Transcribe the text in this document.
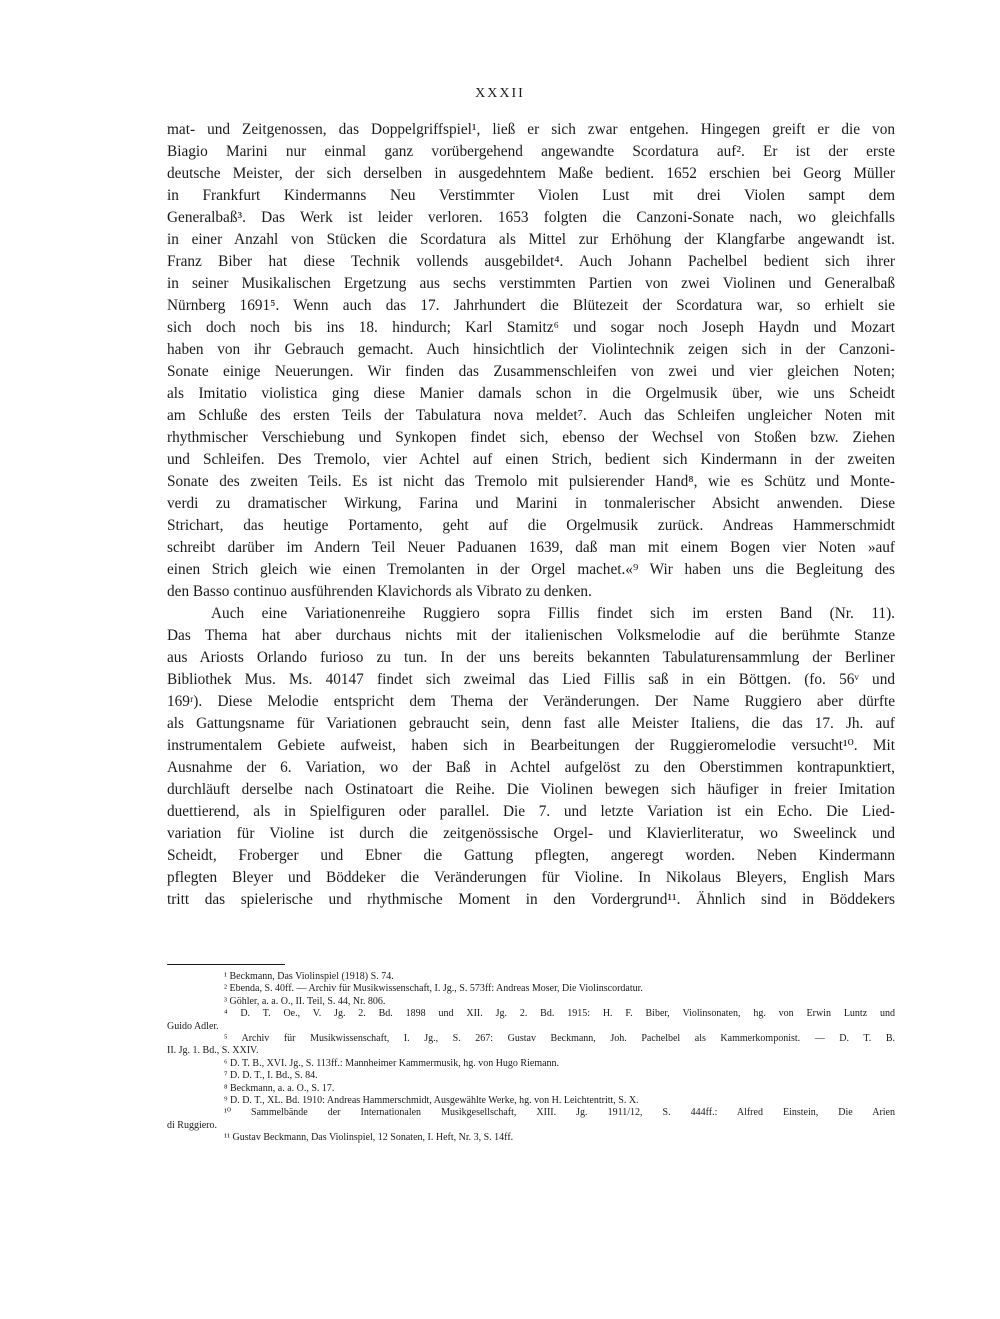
XXXII
mat- und Zeitgenossen, das Doppelgriffspiel¹, ließ er sich zwar entgehen. Hingegen greift er die von
Biagio Marini nur einmal ganz vorübergehend angewandte Scordatura auf². Er ist der erste
deutsche Meister, der sich derselben in ausgedehntem Maße bedient. 1652 erschien bei Georg Müller
in Frankfurt Kindermanns Neu Verstimmter Violen Lust mit drei Violen sampt dem
Generalbaß³. Das Werk ist leider verloren. 1653 folgten die Canzoni-Sonate nach, wo gleichfalls
in einer Anzahl von Stücken die Scordatura als Mittel zur Erhöhung der Klangfarbe angewandt ist.
Franz Biber hat diese Technik vollends ausgebildet⁴. Auch Johann Pachelbel bedient sich ihrer
in seiner Musikalischen Ergetzung aus sechs verstimmten Partien von zwei Violinen und Generalbaß
Nürnberg 1691⁵. Wenn auch das 17. Jahrhundert die Blütezeit der Scordatura war, so erhielt sie
sich doch noch bis ins 18. hindurch; Karl Stamitz⁶ und sogar noch Joseph Haydn und Mozart
haben von ihr Gebrauch gemacht. Auch hinsichtlich der Violintechnik zeigen sich in der Canzoni-
Sonate einige Neuerungen. Wir finden das Zusammenschleifen von zwei und vier gleichen Noten;
als Imitatio violistica ging diese Manier damals schon in die Orgelmusik über, wie uns Scheidt
am Schluße des ersten Teils der Tabulatura nova meldet⁷. Auch das Schleifen ungleicher Noten mit
rhythmischer Verschiebung und Synkopen findet sich, ebenso der Wechsel von Stoßen bzw. Ziehen
und Schleifen. Des Tremolo, vier Achtel auf einen Strich, bedient sich Kindermann in der zweiten
Sonate des zweiten Teils. Es ist nicht das Tremolo mit pulsierender Hand⁸, wie es Schütz und Monte-
verdi zu dramatischer Wirkung, Farina und Marini in tonmalerischer Absicht anwenden. Diese
Strichart, das heutige Portamento, geht auf die Orgelmusik zurück. Andreas Hammerschmidt
schreibt darüber im Andern Teil Neuer Paduanen 1639, daß man mit einem Bogen vier Noten »auf
einen Strich gleich wie einen Tremolanten in der Orgel machet.«⁹ Wir haben uns die Begleitung des
den Basso continuo ausführenden Klavichords als Vibrato zu denken.
Auch eine Variationenreihe Ruggiero sopra Fillis findet sich im ersten Band (Nr. 11).
Das Thema hat aber durchaus nichts mit der italienischen Volksmelodie auf die berühmte Stanze
aus Ariosts Orlando furioso zu tun. In der uns bereits bekannten Tabulaturensammlung der Berliner
Bibliothek Mus. Ms. 40147 findet sich zweimal das Lied Fillis saß in ein Böttgen. (fo. 56ᵛ und
169ʳ). Diese Melodie entspricht dem Thema der Veränderungen. Der Name Ruggiero aber dürfte
als Gattungsname für Variationen gebraucht sein, denn fast alle Meister Italiens, die das 17. Jh. auf
instrumentalem Gebiete aufweist, haben sich in Bearbeitungen der Ruggieromelodie versucht¹⁰. Mit
Ausnahme der 6. Variation, wo der Baß in Achtel aufgelöst zu den Oberstimmen kontrapunktiert,
durchläuft derselbe nach Ostinatoart die Reihe. Die Violinen bewegen sich häufiger in freier Imitation
duettierend, als in Spielfiguren oder parallel. Die 7. und letzte Variation ist ein Echo. Die Lied-
variation für Violine ist durch die zeitgenössische Orgel- und Klavierliteratur, wo Sweelinck und
Scheidt, Froberger und Ebner die Gattung pflegten, angeregt worden. Neben Kindermann
pflegten Bleyer und Böddeker die Veränderungen für Violine. In Nikolaus Bleyers, English Mars
tritt das spielerische und rhythmische Moment in den Vordergrund¹¹. Ähnlich sind in Böddekers
¹ Beckmann, Das Violinspiel (1918) S. 74.
² Ebenda, S. 40ff. — Archiv für Musikwissenschaft, I. Jg., S. 573ff: Andreas Moser, Die Violinscordatur.
³ Göhler, a. a. O., II. Teil, S. 44, Nr. 806.
⁴ D. T. Oe., V. Jg. 2. Bd. 1898 und XII. Jg. 2. Bd. 1915: H. F. Biber, Violinsonaten, hg. von Erwin Luntz und
Guido Adler.
⁵ Archiv für Musikwissenschaft, I. Jg., S. 267: Gustav Beckmann, Joh. Pachelbel als Kammerkomponist. — D. T. B.
II. Jg. 1. Bd., S. XXIV.
⁶ D. T. B., XVI. Jg., S. 113ff.: Mannheimer Kammermusik, hg. von Hugo Riemann.
⁷ D. D. T., I. Bd., S. 84.
⁸ Beckmann, a. a. O., S. 17.
⁹ D. D. T., XL. Bd. 1910: Andreas Hammerschmidt, Ausgewählte Werke, hg. von H. Leichtentritt, S. X.
¹⁰ Sammelbände der Internationalen Musikgesellschaft, XIII. Jg. 1911/12, S. 444ff.: Alfred Einstein, Die Arien
di Ruggiero.
¹¹ Gustav Beckmann, Das Violinspiel, 12 Sonaten, I. Heft, Nr. 3, S. 14ff.
